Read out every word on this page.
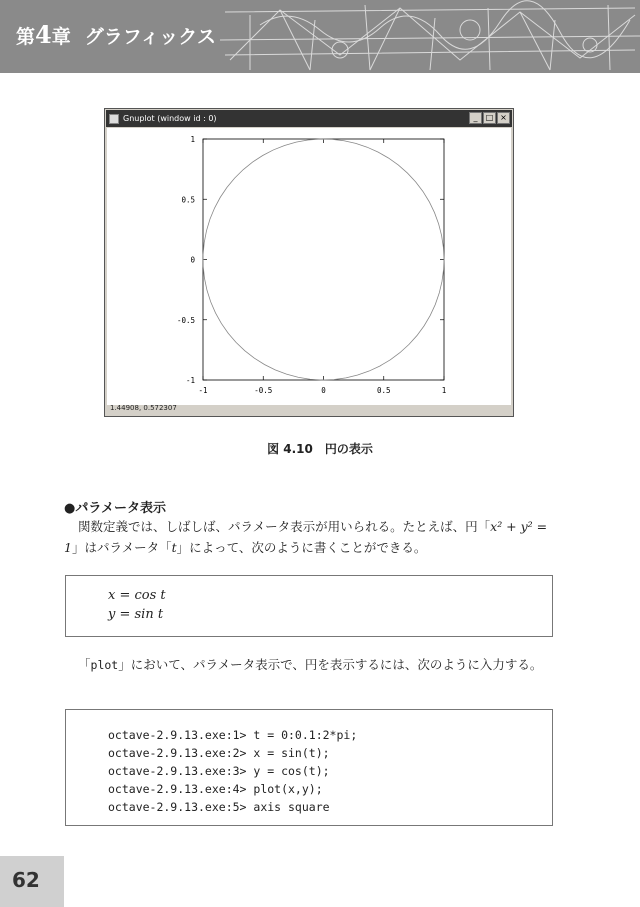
第4章 グラフィックス
Gnuplot (window id : 0)	_	□ ×
-1	-0.5	0	0.5	1
1
0.5
0
-0.5
-1
1.44908, 0.572307
図 4.10　円の表示
●パラメータ表示
関数定義では、しばしば、パラメータ表示が用いられる。たとえば、円「x² + y² = 1」はパラメータ「t」によって、次のように書くことができる。
x = cos t
y = sin t
「plot」において、パラメータ表示で、円を表示するには、次のように入力する。
octave-2.9.13.exe:1> t = 0:0.1:2*pi;
octave-2.9.13.exe:2> x = sin(t);
octave-2.9.13.exe:3> y = cos(t);
octave-2.9.13.exe:4> plot(x,y);
octave-2.9.13.exe:5> axis square
62
